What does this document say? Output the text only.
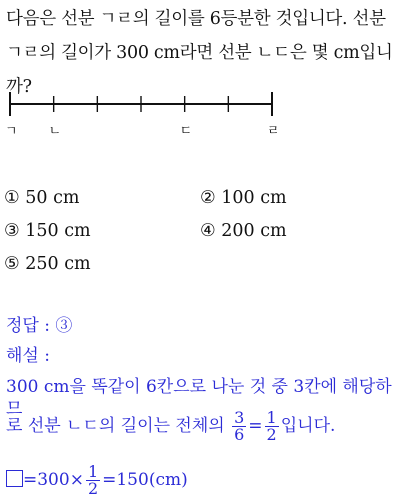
다음은 선분 ㄱㄹ의 길이를 6등분한 것입니다. 선분
ㄱㄹ의 길이가 300 cm라면 선분 ㄴㄷ은 몇 cm입니
까?
ㄱ ㄴ	ㄷ	ㄹ
① 50 cm	② 100 cm
③ 150 cm	④ 200 cm
⑤ 250 cm
정답 : ③
해설 :
300 cm을 똑같이 6칸으로 나눈 것 중 3칸에 해당하므
로 선분 ㄴㄷ의 길이는 전체의 $\frac{3}{6} = \frac{1}{2}$ 입니다.
$=300\times \frac{1}{2} =150(cm)$
